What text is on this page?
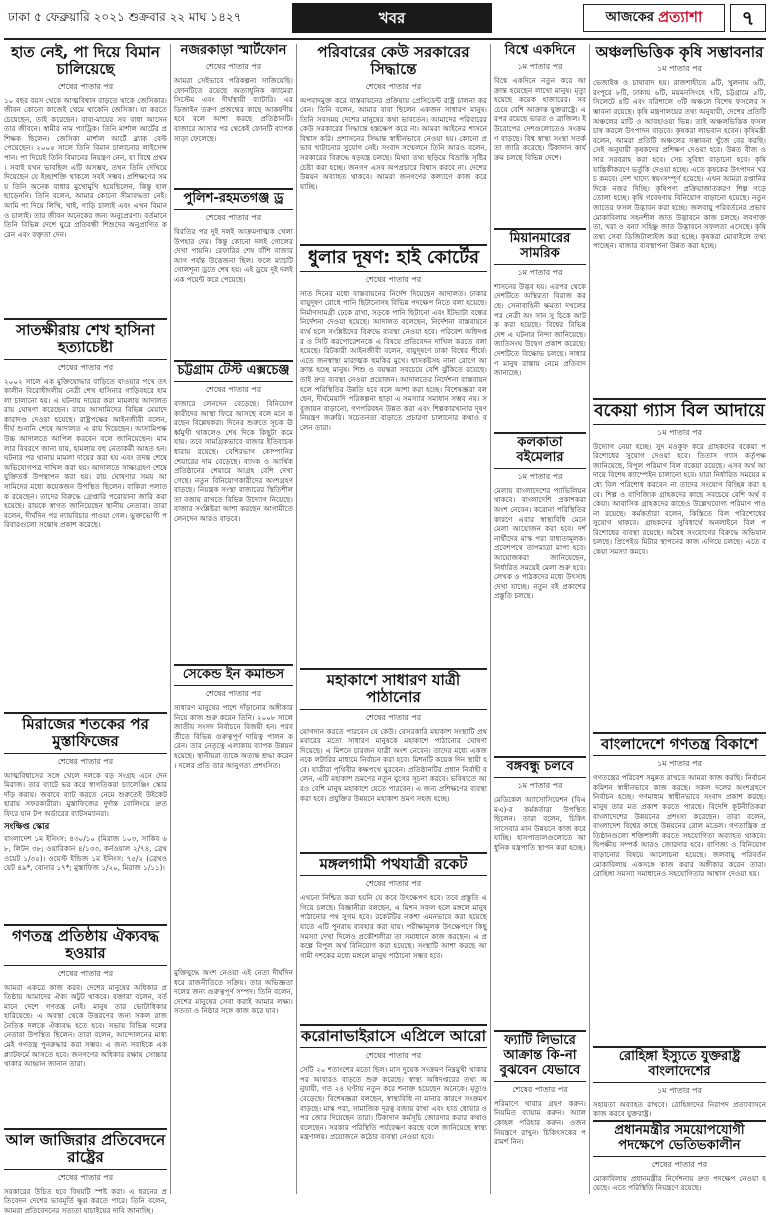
ঢাকা ৫ ফেব্রুয়ারি ২০২১ শুক্রবার ২২ মাঘ ১৪২৭	খবর	আজকের প্রত্যাশা	৭
হাত নেই, পা দিয়ে বিমান চালিয়েছে
শেষের পাতার পর
১০ বছর বয়স থেকে আত্মবিশ্বাস বাড়তে থাকে জেসিকার। জীবন কোনো কাজেই থেমে থাকেনি জেসিকা। যা করতে চেয়েছেন, তাই করেছেন। বাবা-মায়ের সব বাধা আসেন তার জীবনে। স্বামীর নাম প্যাট্রিক। তিনি মার্শাল আর্টের প্রশিক্ষক ছিলেন। জেসিকা মার্শাল আর্টে ব্ল্যাক বেল্ট পেয়েছেন। ২০০৫ সালে তিনি বিমান চালানোর লাইসেন্স পান। পা দিয়েই তিনি বিমানের নিয়ন্ত্রণ নেন, যা বিশ্বে প্রথম। সবাই যখন ভাবছিল এটি অসম্ভব, তখন তিনি দেখিয়ে দিয়েছেন যে ইচ্ছাশক্তি থাকলে সবই সম্ভব। প্রশিক্ষণের সময় তিনি অনেক বাধার মুখোমুখি হয়েছিলেন, কিন্তু হাল ছাড়েননি। তিনি বলেন, আমার কোনো সীমাবদ্ধতা নেই। আমি পা দিয়ে লিখি, খাই, গাড়ি চালাই এবং এখন বিমানও চালাই। তার জীবন অনেকের জন্য অনুপ্রেরণা। বর্তমানে তিনি বিভিন্ন দেশে ঘুরে প্রতিবন্ধী শিশুদের অনুপ্রাণিত করেন এবং বক্তৃতা দেন।
সাতক্ষীরায় শেখ হাসিনা হত্যাচেষ্টা
শেষের পাতার পর
২০০২ সালে এক মুক্তিযোদ্ধার বাড়িতে যাওয়ার পথে তৎকালীন বিরোধীদলীয় নেত্রী শেখ হাসিনার গাড়িবহরে হামলা চালানো হয়। এ ঘটনায় দায়ের করা মামলায় আদালত রায় ঘোষণা করেছেন। রায়ে আসামিদের বিভিন্ন মেয়াদে কারাদণ্ড দেওয়া হয়েছে। রাষ্ট্রপক্ষের আইনজীবী বলেন, দীর্ঘ শুনানি শেষে আদালত এ রায় দিয়েছেন। আসামিপক্ষ উচ্চ আদালতে আপিল করবেন বলে জানিয়েছেন। মামলার বিবরণে জানা যায়, হামলায় বহু নেতাকর্মী আহত হন। ঘটনার পর থানায় মামলা দায়ের করা হয় এবং তদন্ত শেষে অভিযোগপত্র দাখিল করা হয়। আদালতে সাক্ষ্যগ্রহণ শেষে যুক্তিতর্ক উপস্থাপন করা হয়। রায় ঘোষণার সময় আসামিদের মধ্যে কয়েকজন উপস্থিত ছিলেন। বাকিরা পলাতক রয়েছেন। তাদের বিরুদ্ধে গ্রেপ্তারি পরোয়ানা জারি করা হয়েছে। রায়কে স্বাগত জানিয়েছেন স্থানীয় নেতারা। তারা বলেন, দীর্ঘদিন পর ন্যায়বিচার পাওয়া গেল। ভুক্তভোগী পরিবারগুলো সন্তোষ প্রকাশ করেছে।
মিরাজের শতকের পর মুস্তাফিজের
শেষের পাতার পর
আত্মবিশ্বাসের সঙ্গে খেলে দলকে বড় সংগ্রহ এনে দেন মিরাজ। তার ব্যাটে ভর করে স্বাগতিকরা চ্যালেঞ্জিং স্কোর দাঁড় করায়। জবাবে ব্যাট করতে নেমে শুরুতেই উইকেট হারায় সফরকারীরা। মুস্তাফিজের দুর্দান্ত বোলিংয়ে দ্রুত ফিরে যান টপ অর্ডারের ব্যাটসম্যানরা।
সংক্ষিপ্ত স্কোর
বাংলাদেশ ১ম ইনিংস: ৪৩০/১০ (মিরাজ ১০৩, সাকিব ৬৮, লিটন ৩৮; ওয়ারিকান ৪/১৩৩, কর্নওয়াল ২/৭৪, ব্রেথওয়েট ১/৩৫)। ওয়েস্ট ইন্ডিজ ১ম ইনিংস: ৭৫/২ (ব্রেথওয়েট ৪৯*, বোনার ১৭*; মুস্তাফিজ ১/২০, মিরাজ ১/১১)।
গণতন্ত্র প্রতিষ্ঠায় ঐক্যবদ্ধ হওয়ার
শেষের পাতার পর
আমরা একত্রে কাজ করব। দেশের মানুষের অধিকার প্রতিষ্ঠায় আমাদের ঐক্য অটুট থাকবে। বক্তারা বলেন, বর্তমানে দেশে গণতন্ত্র নেই। মানুষ তার ভোটাধিকার হারিয়েছে। এ অবস্থা থেকে উত্তরণের জন্য সকল রাজনৈতিক দলকে ঐক্যবদ্ধ হতে হবে। সভায় বিভিন্ন দলের নেতারা উপস্থিত ছিলেন। তারা বলেন, আন্দোলনের মাধ্যমেই গণতন্ত্র পুনরুদ্ধার করা সম্ভব। এ জন্য সবাইকে এক প্ল্যাটফর্মে আসতে হবে। জনগণের অধিকার রক্ষায় সোচ্চার থাকার আহ্বান জানান তারা।
আল জাজিরার প্রতিবেদনে রাষ্ট্রের
শেষের পাতার পর
সরকারের উচিত হবে বিষয়টি স্পষ্ট করা। এ ধরনের প্রতিবেদন দেশের ভাবমূর্তি ক্ষুণ্ণ করতে পারে। তিনি বলেন, আমরা প্রতিবেদনের সত্যতা যাচাইয়ের দাবি জানাচ্ছি।
নজরকাড়া স্মার্টফোন
শেষের পাতার পর
আমরা সেইভাবে পরিকল্পনা সাজিয়েছি। ফোনটিতে রয়েছে অত্যাধুনিক ক্যামেরা সিস্টেম এবং দীর্ঘস্থায়ী ব্যাটারি। এর ডিজাইন তরুণ প্রজন্মের কাছে আকর্ষণীয় হবে বলে আশা করছে প্রতিষ্ঠানটি। বাজারে আসার পর থেকেই ফোনটি ব্যাপক সাড়া ফেলেছে।
পুলিশ-রহমতগঞ্জ ড্র
শেষের পাতার পর
বিরতির পর দুই দলই আক্রমণাত্মক খেলা উপহার দেয়। কিন্তু কোনো দলই গোলের দেখা পায়নি। রেফারির শেষ বাঁশি বাজার আগ পর্যন্ত উত্তেজনা ছিল। ফলে ম্যাচটি গোলশূন্য ড্রতে শেষ হয়। এই ড্রয়ে দুই দলই এক পয়েন্ট করে পেয়েছে।
চট্টগ্রাম টেস্ট এক্সচেঞ্জ
শেষের পাতার পর
বাজারে লেনদেন বেড়েছে। বিনিয়োগকারীদের আস্থা ফিরে আসছে বলে মনে করছেন বিশ্লেষকরা। দিনের শুরুতে সূচক ঊর্ধ্বমুখী থাকলেও শেষ দিকে কিছুটা কমে যায়। তবে সামগ্রিকভাবে বাজার ইতিবাচক ধারায় রয়েছে। বেশিরভাগ কোম্পানির শেয়ারের দাম বেড়েছে। ব্যাংক ও আর্থিক প্রতিষ্ঠানের শেয়ারে আগ্রহ বেশি দেখা গেছে। নতুন বিনিয়োগকারীদের অংশগ্রহণ বাড়ছে। নিয়ন্ত্রক সংস্থা বাজারের স্থিতিশীলতা বজায় রাখতে বিভিন্ন উদ্যোগ নিয়েছে। বাজার সংশ্লিষ্টরা আশা করছেন আগামীতে লেনদেন আরও বাড়বে।
সেকেন্ড ইন কমান্ডস
শেষের পাতার পর
সাধারণ মানুষের পাশে দাঁড়ানোর অঙ্গীকার নিয়ে কাজ শুরু করেন তিনি। ২০০৮ সালে জাতীয় সংসদ নির্বাচনে বিজয়ী হন। পরবর্তীতে বিভিন্ন গুরুত্বপূর্ণ দায়িত্ব পালন করেন। তার নেতৃত্বে এলাকায় ব্যাপক উন্নয়ন হয়েছে। স্থানীয়রা তাকে অত্যন্ত শ্রদ্ধা করেন। দলের প্রতি তার আনুগত্য প্রশংসিত।
মুক্তিযুদ্ধে অংশ নেওয়া এই নেতা দীর্ঘদিন ধরে রাজনীতিতে সক্রিয়। তার অভিজ্ঞতা দলের জন্য গুরুত্বপূর্ণ সম্পদ। তিনি বলেন, দেশের মানুষের সেবা করাই আমার লক্ষ্য। সততা ও নিষ্ঠার সঙ্গে কাজ করে যাব।
পরিবারের কেউ সরকারের সিদ্ধান্তে
শেষের পাতার পর
অপবাদমুক্ত করে বাস্তবায়নের প্রক্রিয়ায় প্রেসিডেন্ট রাষ্ট্র চালনা করবেন। তিনি বলেন, আমার বাবা ছিলেন একজন সাধারণ মানুষ। তিনি সবসময় দেশের মানুষের কথা ভাবতেন। আমাদের পরিবারের কেউ সরকারের সিদ্ধান্তে হস্তক্ষেপ করে না। আমরা আইনের শাসনে বিশ্বাস করি। প্রশাসনের সিদ্ধান্ত স্বাধীনভাবে নেওয়া হয়। কোনো প্রভাব খাটানোর সুযোগ নেই। সংবাদ সম্মেলনে তিনি আরও বলেন, সরকারের বিরুদ্ধে ষড়যন্ত্র চলছে। মিথ্যা তথ্য ছড়িয়ে বিভ্রান্তি সৃষ্টির চেষ্টা করা হচ্ছে। জনগণ এসব অপপ্রচারে বিশ্বাস করবে না। দেশের উন্নয়ন অব্যাহত থাকবে। আমরা জনগণের কল্যাণে কাজ করে যাচ্ছি।
ধুলার দূষণ: হাই কোর্টের
শেষের পাতার পর
সাত দিনের মধ্যে বাস্তবায়নের নির্দেশ দিয়েছেন আদালত। ঢাকার বায়ুদূষণ রোধে পানি ছিটানোসহ বিভিন্ন পদক্ষেপ নিতে বলা হয়েছে। নির্মাণসামগ্রী ঢেকে রাখা, সড়কে পানি ছিটানো এবং ইটভাটা বন্ধের নির্দেশনা দেওয়া হয়েছে। আদালত বলেছেন, নির্দেশনা বাস্তবায়নে ব্যর্থ হলে সংশ্লিষ্টদের বিরুদ্ধে ব্যবস্থা নেওয়া হবে। পরিবেশ অধিদপ্তর ও সিটি করপোরেশনকে এ বিষয়ে প্রতিবেদন দাখিল করতে বলা হয়েছে। রিটকারী আইনজীবী বলেন, বায়ুদূষণে ঢাকা বিশ্বের শীর্ষে। এতে জনস্বাস্থ্য মারাত্মক হুমকির মুখে। শ্বাসকষ্টসহ নানা রোগে আক্রান্ত হচ্ছে মানুষ। শিশু ও বয়স্করা সবচেয়ে বেশি ঝুঁকিতে রয়েছে। তাই দ্রুত ব্যবস্থা নেওয়া প্রয়োজন। আদালতের নির্দেশনা বাস্তবায়ন হলে পরিস্থিতির উন্নতি হবে বলে আশা করা হচ্ছে। বিশেষজ্ঞরা বলছেন, দীর্ঘমেয়াদি পরিকল্পনা ছাড়া এ সমস্যার সমাধান সম্ভব নয়। সবুজায়ন বাড়ানো, গণপরিবহন উন্নত করা এবং শিল্পকারখানার দূষণ নিয়ন্ত্রণ জরুরি। সচেতনতা বাড়াতে প্রচারণা চালানোর কথাও বলেন তারা।
মহাকাশে সাধারণ যাত্রী পাঠানোর
শেষের পাতার পর
যোগদান করতে পারবেন যে কেউ। বেসরকারি মহাকাশ সংস্থাটি প্রথমবারের মতো সাধারণ মানুষকে মহাকাশে পাঠানোর ঘোষণা দিয়েছে। এ মিশনে চারজন যাত্রী অংশ নেবেন। তাদের মধ্যে একজনকে লটারির মাধ্যমে নির্বাচন করা হবে। মিশনটি কয়েক দিন স্থায়ী হবে। যাত্রীরা পৃথিবীর কক্ষপথে ঘুরবেন। প্রতিষ্ঠানটির প্রধান নির্বাহী বলেন, এটি মহাকাশ ভ্রমণের নতুন যুগের সূচনা করবে। ভবিষ্যতে আরও বেশি মানুষ মহাকাশে যেতে পারবেন। এ জন্য প্রশিক্ষণের ব্যবস্থা করা হবে। প্রযুক্তির উন্নয়নে মহাকাশ ভ্রমণ সহজ হচ্ছে।
মঙ্গলগামী পথযাত্রী রকেট
শেষের পাতার পর
এখনো নিশ্চিত করা হয়নি যে কবে উৎক্ষেপণ হবে। তবে প্রস্তুতি এগিয়ে চলছে। বিজ্ঞানীরা বলছেন, এ মিশন সফল হলে মঙ্গলে মানুষ পাঠানোর পথ সুগম হবে। রকেটটির নকশা এমনভাবে করা হয়েছে যাতে এটি পুনরায় ব্যবহার করা যায়। পরীক্ষামূলক উৎক্ষেপণে কিছু সমস্যা দেখা দিলেও প্রকৌশলীরা তা সমাধানে কাজ করছেন। এ প্রকল্পে বিপুল অর্থ বিনিয়োগ করা হয়েছে। সংস্থাটি আশা করছে আগামী দশকের মধ্যে মঙ্গলে মানুষ পাঠানো সম্ভব হবে।
করোনাভাইরাসে এপ্রিলে আরো
শেষের পাতার পর
সেটি ২০ শতাংশের মতো ছিল। মাস দুয়েক সংক্রমণ নিম্নমুখী থাকার পর আবারও বাড়তে শুরু করেছে। স্বাস্থ্য অধিদপ্তরের তথ্য অনুযায়ী, গত ২৪ ঘণ্টায় নতুন করে শনাক্ত হয়েছেন অনেকে। মৃত্যুও বেড়েছে। বিশেষজ্ঞরা বলছেন, স্বাস্থ্যবিধি না মানার কারণে সংক্রমণ বাড়ছে। মাস্ক পরা, সামাজিক দূরত্ব বজায় রাখা এবং হাত ধোয়ার ওপর জোর দিয়েছেন তারা। টিকাদান কর্মসূচি জোরদার করার কথাও বলেছেন। সরকার পরিস্থিতি পর্যবেক্ষণ করছে বলে জানিয়েছে স্বাস্থ্য মন্ত্রণালয়। প্রয়োজনে কঠোর ব্যবস্থা নেওয়া হবে।
বিশ্বে একদিনে
১ম পাতার পর
বিশ্বে একদিনে নতুন করে আক্রান্ত হয়েছেন লাখো মানুষ। মৃত্যু হয়েছে কয়েক হাজারের। সবচেয়ে বেশি আক্রান্ত যুক্তরাষ্ট্রে। এরপর রয়েছে ভারত ও ব্রাজিল। ইউরোপের দেশগুলোতেও সংক্রমণ বাড়ছে। বিশ্ব স্বাস্থ্য সংস্থা সতর্কতা জারি করেছে। টিকাদান কার্যক্রম চলছে বিভিন্ন দেশে।
মিয়ানমারের সামরিক
১ম পাতার পর
শাসনের উদ্ভব হয়। এরপর থেকে দেশটিতে অস্থিরতা বিরাজ করছে। সেনাবাহিনী ক্ষমতা দখলের পর নেত্রী অং সান সু চিকে আটক করা হয়েছে। বিশ্বের বিভিন্ন দেশ এ ঘটনার নিন্দা জানিয়েছে। জাতিসংঘ উদ্বেগ প্রকাশ করেছে। দেশটিতে বিক্ষোভ চলছে। সাধারণ মানুষ রাস্তায় নেমে প্রতিবাদ জানাচ্ছে।
কলকাতা বইমেলার
১ম পাতার পর
মেলায় বাংলাদেশের প্যাভিলিয়ন থাকবে। বাংলাদেশি প্রকাশকরা অংশ নেবেন। করোনা পরিস্থিতির কারণে এবার স্বাস্থ্যবিধি মেনে মেলা আয়োজন করা হবে। দর্শনার্থীদের মাস্ক পরা বাধ্যতামূলক। প্রবেশপথে তাপমাত্রা মাপা হবে। আয়োজকরা জানিয়েছেন, নির্ধারিত সময়েই মেলা শুরু হবে। লেখক ও পাঠকদের মধ্যে উৎসাহ দেখা যাচ্ছে। নতুন বই প্রকাশের প্রস্তুতি চলছে।
বঙ্গবন্ধু চলবে
১ম পাতার পর
মেডিকেল অ্যাসোসিয়েশন (বিএমএ)-র কর্মকর্তারা উপস্থিত ছিলেন। তারা বলেন, চিকিৎসাসেবার মান উন্নয়নে কাজ করে যাচ্ছি। হাসপাতালগুলোতে আধুনিক যন্ত্রপাতি স্থাপন করা হচ্ছে।
ফ্যাটি লিভারে আক্রান্ত কি-না বুঝবেন যেভাবে
শেষের পাতার পর
পরিমাণে খাবার গ্রহণ করুন। নিয়মিত ব্যায়াম করুন। অ্যালকোহল পরিহার করুন। ওজন নিয়ন্ত্রণে রাখুন। চিকিৎসকের পরামর্শ নিন।
অঞ্চলভিত্তিক কৃষি সম্ভাবনার
১ম পাতার পর
ভেজাইক ও চাষাবাদ হয়। রাজশাহীতে ৯টি, খুলনায় ৬টি, রংপুরে ৮টি, ঢাকায় ৬টি, ময়মনসিংহে ৭টি, চট্টগ্রামে ৫টি, সিলেটে ৪টি এবং বরিশালে ৩টি অঞ্চলে বিশেষ ফসলের সম্ভাবনা রয়েছে। কৃষি মন্ত্রণালয়ের তথ্য অনুযায়ী, দেশের প্রতিটি অঞ্চলের মাটি ও আবহাওয়া ভিন্ন। তাই অঞ্চলভিত্তিক ফসল চাষ করলে উৎপাদন বাড়বে। কৃষকরা লাভবান হবেন। কৃষিমন্ত্রী বলেন, আমরা প্রতিটি অঞ্চলের সম্ভাবনা খুঁজে বের করছি। সেই অনুযায়ী কৃষকদের প্রশিক্ষণ দেওয়া হবে। উন্নত বীজ ও সার সরবরাহ করা হবে। সেচ সুবিধা বাড়ানো হবে। কৃষি যান্ত্রিকীকরণে ভর্তুকি দেওয়া হচ্ছে। এতে কৃষকের উৎপাদন খরচ কমবে। দেশ খাদ্যে স্বয়ংসম্পূর্ণ হয়েছে। এখন আমরা রপ্তানির দিকে নজর দিচ্ছি। কৃষিপণ্য প্রক্রিয়াজাতকরণ শিল্প গড়ে তোলা হচ্ছে। কৃষি গবেষণায় বিনিয়োগ বাড়ানো হয়েছে। নতুন জাতের ফসল উদ্ভাবন করা হচ্ছে। জলবায়ু পরিবর্তনের প্রভাব মোকাবিলায় সহনশীল জাত উদ্ভাবনে কাজ চলছে। লবণাক্ততা, খরা ও বন্যা সহিষ্ণু জাত উদ্ভাবনে সফলতা এসেছে। কৃষি তথ্য সেবা ডিজিটালাইজ করা হচ্ছে। কৃষকরা মোবাইলে তথ্য পাচ্ছেন। বাজার ব্যবস্থাপনা উন্নত করা হচ্ছে।
বকেয়া গ্যাস বিল আদায়ে
১ম পাতার পর
উদ্যোগ নেয়া হচ্ছে। সুদ মওকুফ করে গ্রাহকদের বকেয়া পরিশোধের সুযোগ দেওয়া হবে। তিতাস গ্যাস কর্তৃপক্ষ জানিয়েছে, বিপুল পরিমাণ বিল বকেয়া রয়েছে। এসব অর্থ আদায়ে বিশেষ ক্যাম্পেইন চালানো হবে। যারা নির্ধারিত সময়ের মধ্যে বিল পরিশোধ করবেন না তাদের সংযোগ বিচ্ছিন্ন করা হবে। শিল্প ও বাণিজ্যিক গ্রাহকদের কাছে সবচেয়ে বেশি অর্থ বকেয়া। আবাসিক গ্রাহকদের কাছেও উল্লেখযোগ্য পরিমাণ পাওনা রয়েছে। কর্মকর্তারা বলেন, কিস্তিতে বিল পরিশোধের সুযোগ থাকবে। গ্রাহকদের সুবিধার্থে অনলাইনে বিল পরিশোধের ব্যবস্থা রয়েছে। অবৈধ সংযোগের বিরুদ্ধে অভিযান চলছে। প্রিপেইড মিটার স্থাপনের কাজ এগিয়ে চলছে। এতে বকেয়া সমস্যা কমবে।
বাংলাদেশে গণতন্ত্র বিকাশে
১ম পাতার পর
গণতন্ত্রের পরিবেশ সমুন্নত রাখতে আমরা কাজ করছি। নির্বাচন কমিশন স্বাধীনভাবে কাজ করছে। সকল দলের অংশগ্রহণে নির্বাচন হচ্ছে। গণমাধ্যম স্বাধীনভাবে সংবাদ প্রকাশ করছে। মানুষ তার মত প্রকাশ করতে পারছে। বিদেশি কূটনীতিকরা বাংলাদেশের উন্নয়নের প্রশংসা করেছেন। তারা বলেন, বাংলাদেশ বিশ্বের কাছে উন্নয়নের রোল মডেল। গণতান্ত্রিক প্রতিষ্ঠানগুলো শক্তিশালী করতে সহযোগিতা অব্যাহত থাকবে। দ্বিপক্ষীয় সম্পর্ক আরও জোরদার হবে। বাণিজ্য ও বিনিয়োগ বাড়ানোর বিষয়ে আলোচনা হয়েছে। জলবায়ু পরিবর্তন মোকাবিলায় একসঙ্গে কাজ করার অঙ্গীকার করেন তারা। রোহিঙ্গা সমস্যা সমাধানেও সহযোগিতার আশ্বাস দেওয়া হয়।
রোহিঙ্গা ইস্যুতে যুক্তরাষ্ট্র বাংলাদেশের
১ম পাতার পর
সহায়তা অব্যাহত রাখবে। রোহিঙ্গাদের নিরাপদ প্রত্যাবাসনে কাজ করবে যুক্তরাষ্ট্র।
প্রধানমন্ত্রীর সময়োপযোগী পদক্ষেপে ভেতিভকালীন
শেষের পাতার পর
মোকাবিলায় প্রধানমন্ত্রীর নির্দেশনায় দ্রুত পদক্ষেপ নেওয়া হয়েছে। এতে পরিস্থিতি নিয়ন্ত্রণে রয়েছে।
